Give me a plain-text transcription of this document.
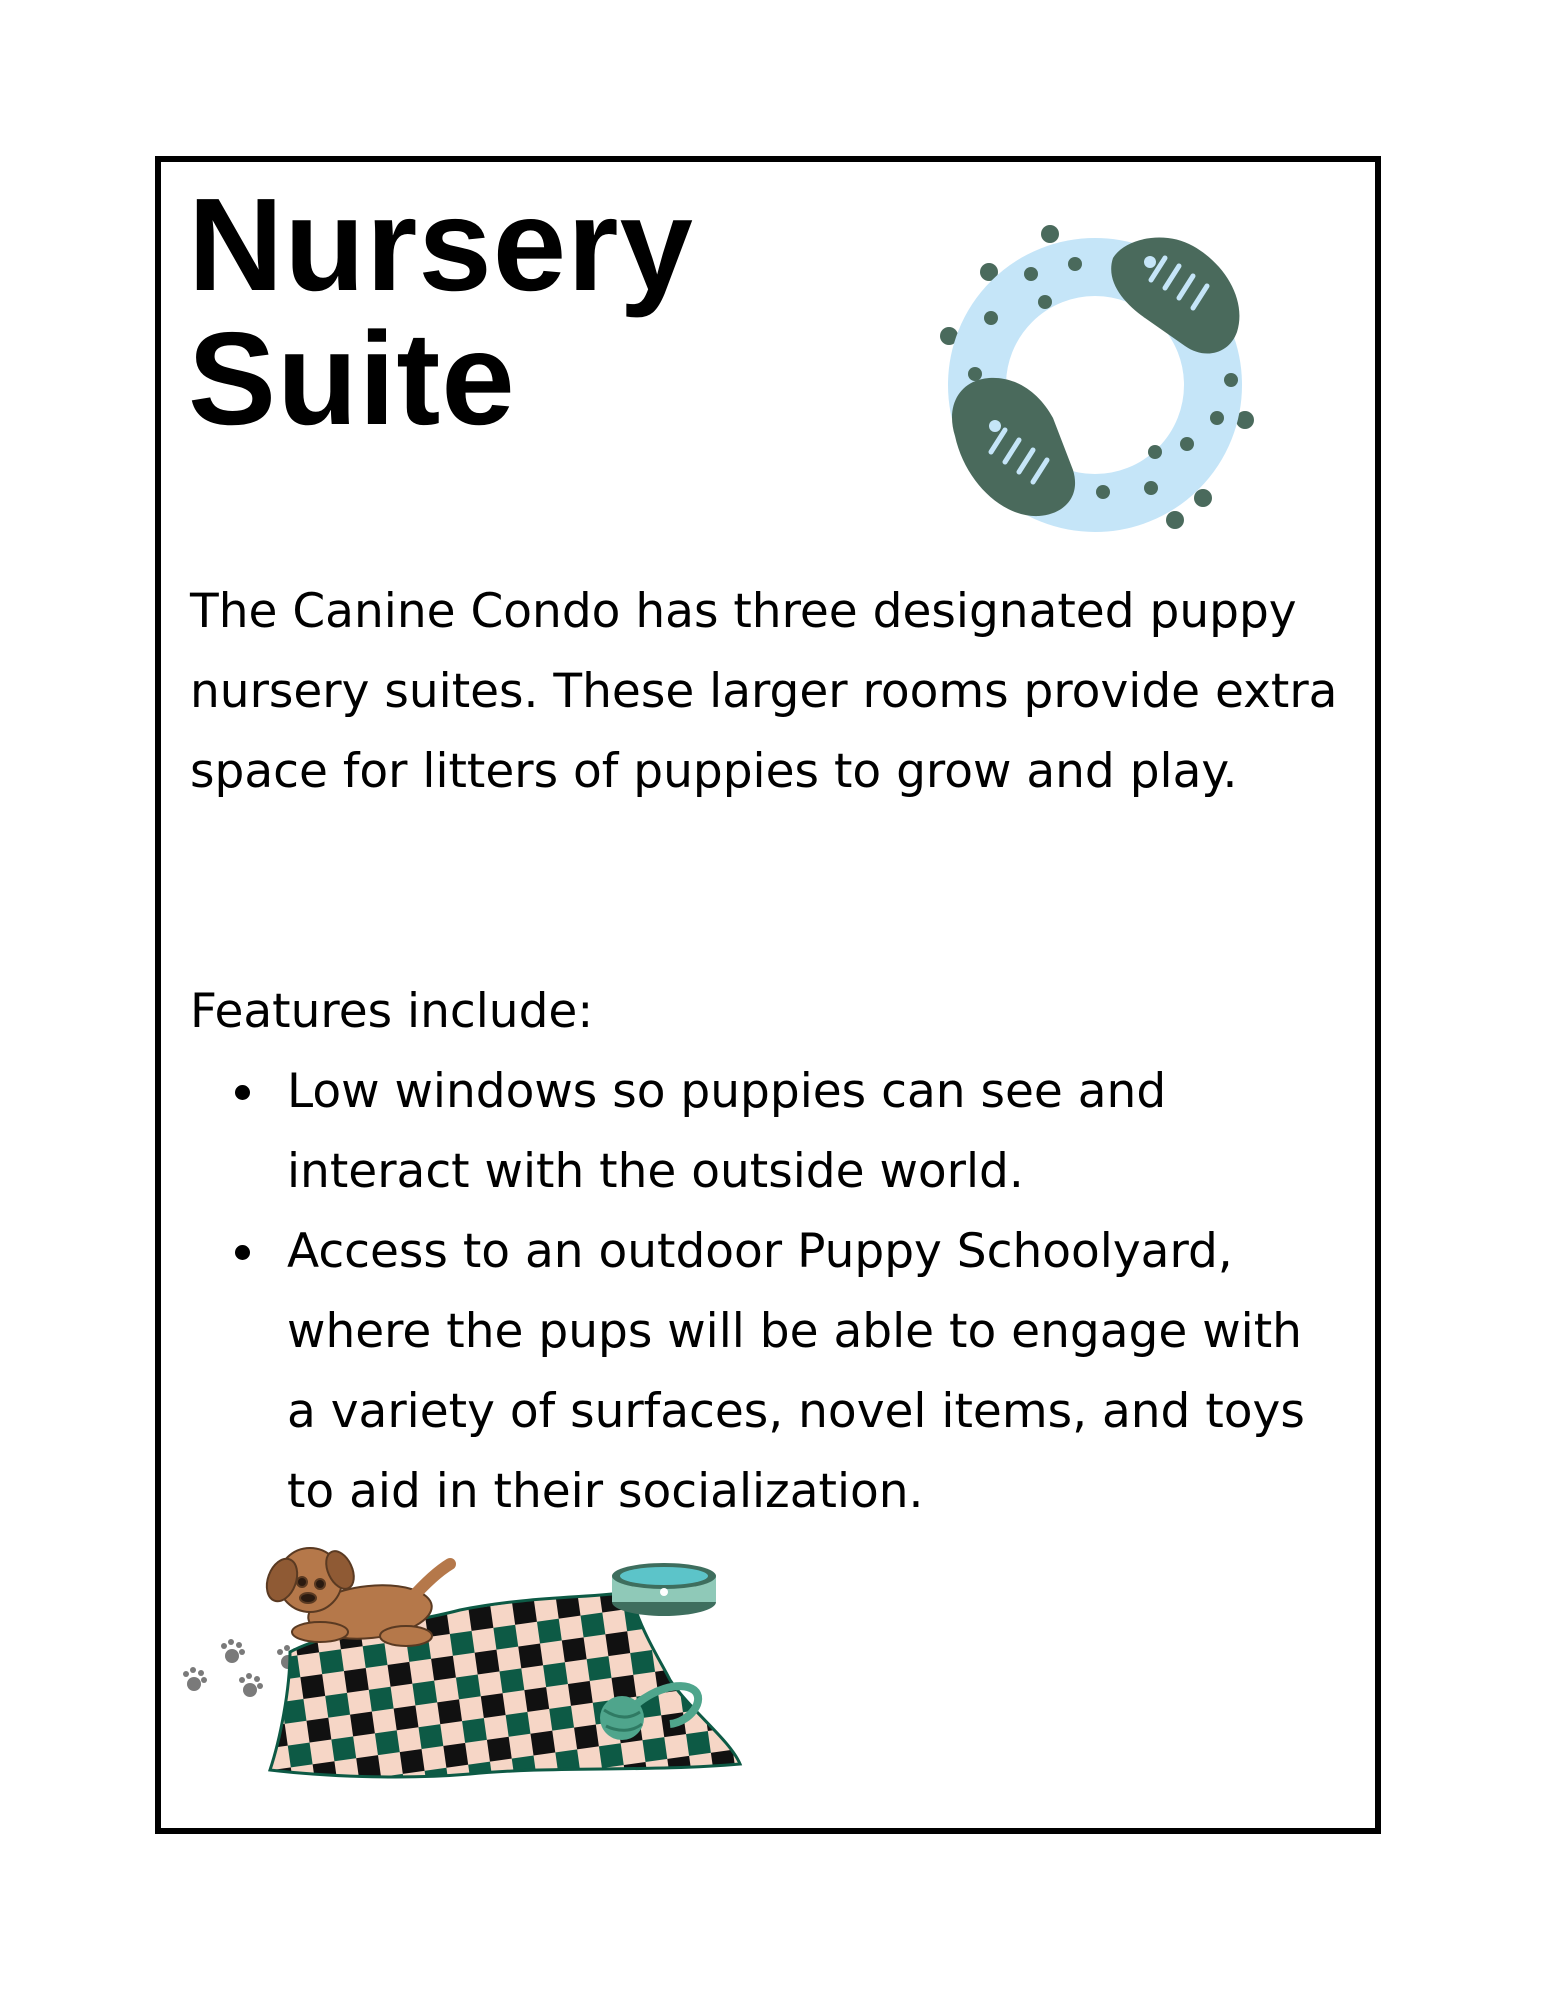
Nursery
Suite

The Canine Condo has three designated puppy nursery suites. These larger rooms provide extra space for litters of puppies to grow and play.

Features include:

Low windows so puppies can see and interact with the outside world.
Access to an outdoor Puppy Schoolyard, where the pups will be able to engage with a variety of surfaces, novel items, and toys to aid in their socialization.
